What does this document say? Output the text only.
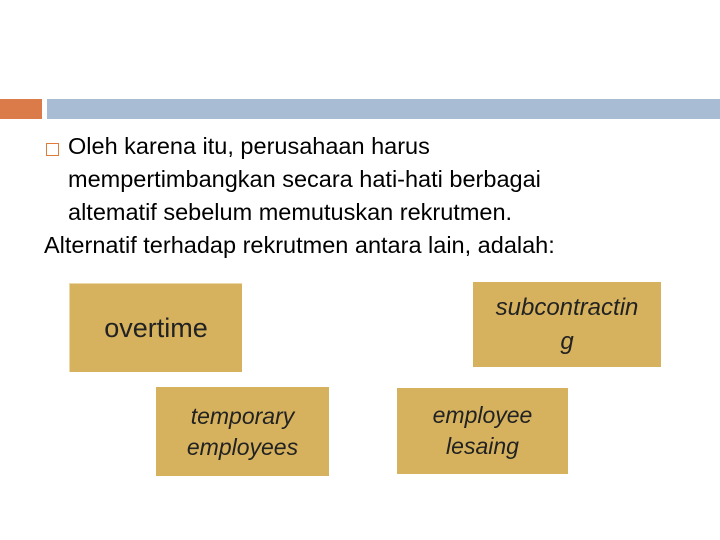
Oleh karena itu, perusahaan harus
mempertimbangkan secara hati-hati berbagai
altematif sebelum memutuskan rekrutmen.
Alternatif terhadap rekrutmen antara lain, adalah:
overtime
subcontractin
g
temporary
employees
employee
lesaing
